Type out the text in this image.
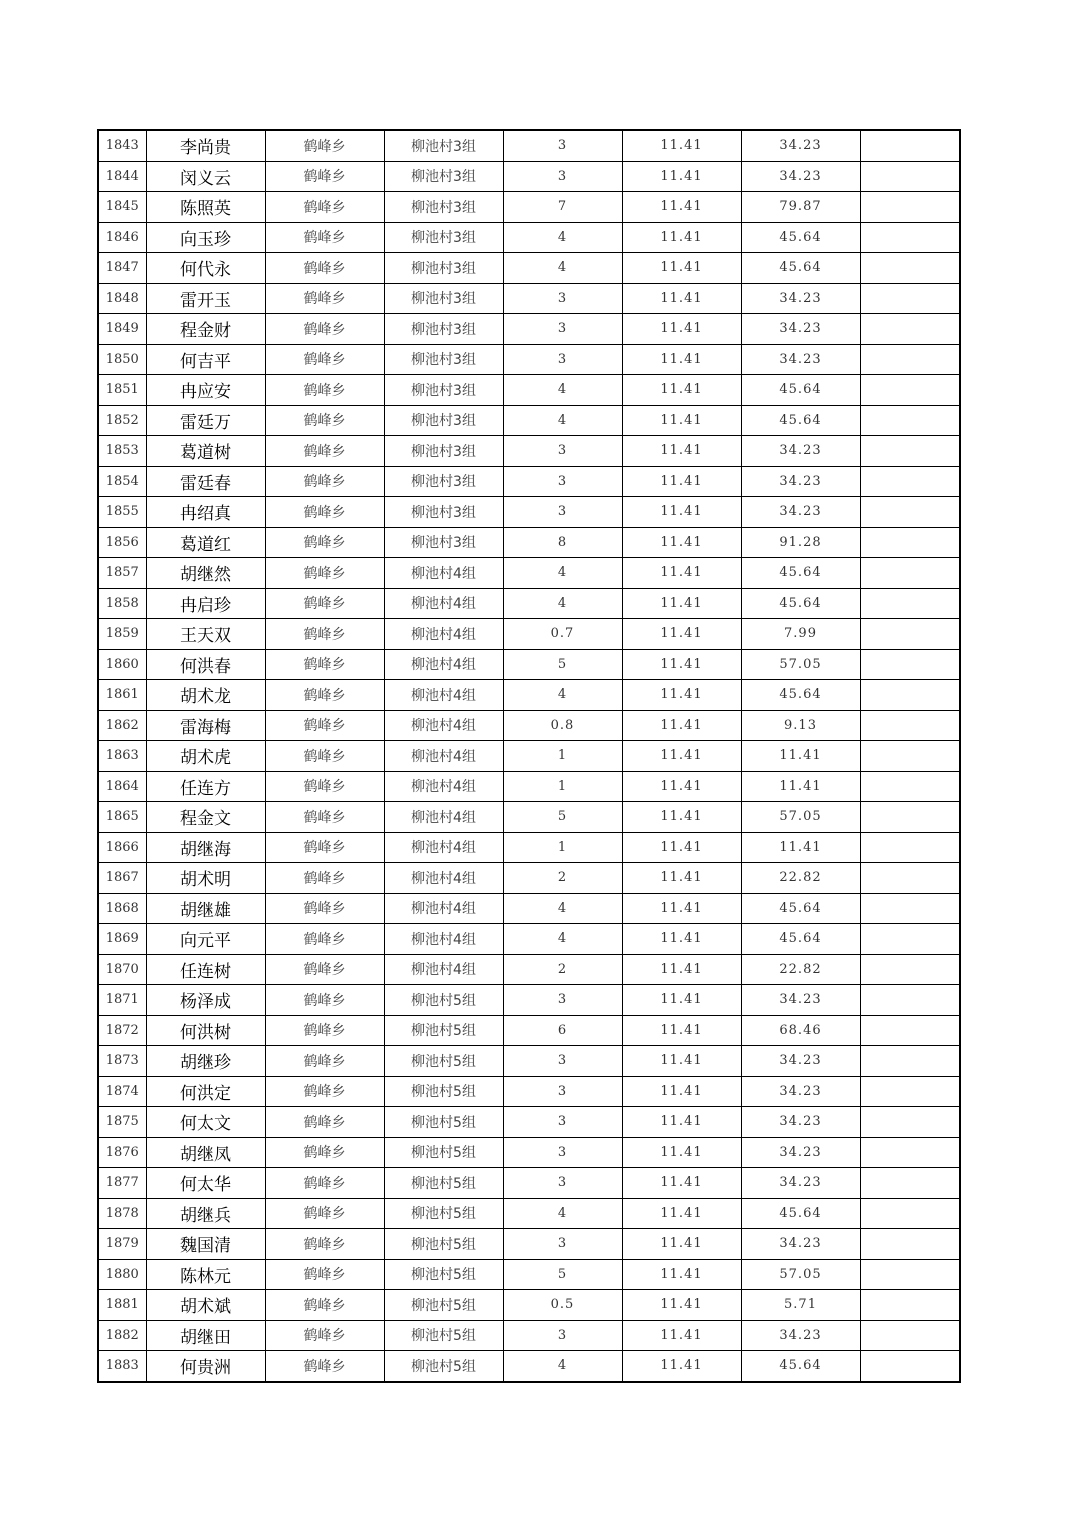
1843	李尚贵	鹤峰乡	柳池村3组	3	11.41	34.23	
1844	闵义云	鹤峰乡	柳池村3组	3	11.41	34.23	
1845	陈照英	鹤峰乡	柳池村3组	7	11.41	79.87	
1846	向玉珍	鹤峰乡	柳池村3组	4	11.41	45.64	
1847	何代永	鹤峰乡	柳池村3组	4	11.41	45.64	
1848	雷开玉	鹤峰乡	柳池村3组	3	11.41	34.23	
1849	程金财	鹤峰乡	柳池村3组	3	11.41	34.23	
1850	何吉平	鹤峰乡	柳池村3组	3	11.41	34.23	
1851	冉应安	鹤峰乡	柳池村3组	4	11.41	45.64	
1852	雷廷万	鹤峰乡	柳池村3组	4	11.41	45.64	
1853	葛道树	鹤峰乡	柳池村3组	3	11.41	34.23	
1854	雷廷春	鹤峰乡	柳池村3组	3	11.41	34.23	
1855	冉绍真	鹤峰乡	柳池村3组	3	11.41	34.23	
1856	葛道红	鹤峰乡	柳池村3组	8	11.41	91.28	
1857	胡继然	鹤峰乡	柳池村4组	4	11.41	45.64	
1858	冉启珍	鹤峰乡	柳池村4组	4	11.41	45.64	
1859	王天双	鹤峰乡	柳池村4组	0.7	11.41	7.99	
1860	何洪春	鹤峰乡	柳池村4组	5	11.41	57.05	
1861	胡术龙	鹤峰乡	柳池村4组	4	11.41	45.64	
1862	雷海梅	鹤峰乡	柳池村4组	0.8	11.41	9.13	
1863	胡术虎	鹤峰乡	柳池村4组	1	11.41	11.41	
1864	任连方	鹤峰乡	柳池村4组	1	11.41	11.41	
1865	程金文	鹤峰乡	柳池村4组	5	11.41	57.05	
1866	胡继海	鹤峰乡	柳池村4组	1	11.41	11.41	
1867	胡术明	鹤峰乡	柳池村4组	2	11.41	22.82	
1868	胡继雄	鹤峰乡	柳池村4组	4	11.41	45.64	
1869	向元平	鹤峰乡	柳池村4组	4	11.41	45.64	
1870	任连树	鹤峰乡	柳池村4组	2	11.41	22.82	
1871	杨泽成	鹤峰乡	柳池村5组	3	11.41	34.23	
1872	何洪树	鹤峰乡	柳池村5组	6	11.41	68.46	
1873	胡继珍	鹤峰乡	柳池村5组	3	11.41	34.23	
1874	何洪定	鹤峰乡	柳池村5组	3	11.41	34.23	
1875	何太文	鹤峰乡	柳池村5组	3	11.41	34.23	
1876	胡继凤	鹤峰乡	柳池村5组	3	11.41	34.23	
1877	何太华	鹤峰乡	柳池村5组	3	11.41	34.23	
1878	胡继兵	鹤峰乡	柳池村5组	4	11.41	45.64	
1879	魏国清	鹤峰乡	柳池村5组	3	11.41	34.23	
1880	陈林元	鹤峰乡	柳池村5组	5	11.41	57.05	
1881	胡术斌	鹤峰乡	柳池村5组	0.5	11.41	5.71	
1882	胡继田	鹤峰乡	柳池村5组	3	11.41	34.23	
1883	何贵洲	鹤峰乡	柳池村5组	4	11.41	45.64	
